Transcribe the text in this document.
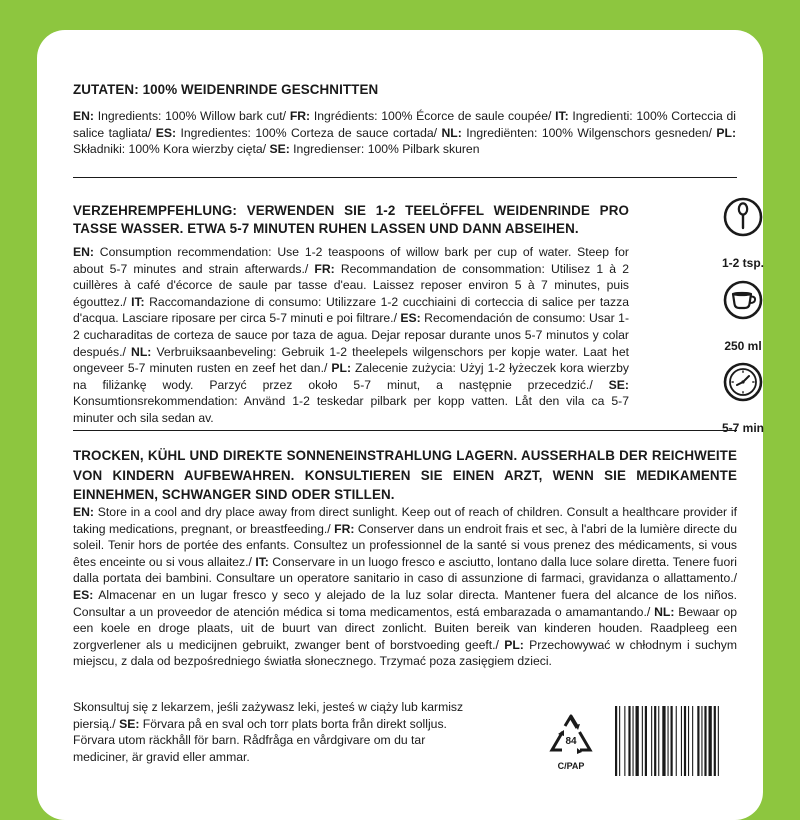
ZUTATEN: 100% WEIDENRINDE GESCHNITTEN

EN: Ingredients: 100% Willow bark cut/ FR: Ingrédients: 100% Écorce de saule coupée/ IT: Ingredienti: 100% Corteccia di salice tagliata/ ES: Ingredientes: 100% Corteza de sauce cortada/ NL: Ingrediënten: 100% Wilgenschors gesneden/ PL: Składniki: 100% Kora wierzby cięta/ SE: Ingredienser: 100% Pilbark skuren

VERZEHREMPFEHLUNG: VERWENDEN SIE 1-2 TEELÖFFEL WEIDENRINDE PRO TASSE WASSER. ETWA 5-7 MINUTEN RUHEN LASSEN UND DANN ABSEIHEN.

EN: Consumption recommendation: Use 1-2 teaspoons of willow bark per cup of water. Steep for about 5-7 minutes and strain afterwards./ FR: Recommandation de consommation: Utilisez 1 à 2 cuillères à café d'écorce de saule par tasse d'eau. Laissez reposer environ 5 à 7 minutes, puis égouttez./ IT: Raccomandazione di consumo: Utilizzare 1-2 cucchiaini di corteccia di salice per tazza d'acqua. Lasciare riposare per circa 5-7 minuti e poi filtrare./ ES: Recomendación de consumo: Usar 1-2 cucharaditas de corteza de sauce por taza de agua. Dejar reposar durante unos 5-7 minutos y colar después./ NL: Verbruiksaanbeveling: Gebruik 1-2 theelepels wilgenschors per kopje water. Laat het ongeveer 5-7 minuten rusten en zeef het dan./ PL: Zalecenie zużycia: Użyj 1-2 łyżeczek kora wierzby na filiżankę wody. Parzyć przez około 5-7 minut, a następnie przecedzić./ SE: Konsumtionsrekommendation: Använd 1-2 teskedar pilbark per kopp vatten. Låt den vila ca 5-7 minuter och sila sedan av.

TROCKEN, KÜHL UND DIREKTE SONNENEINSTRAHLUNG LAGERN. AUSSERHALB DER REICHWEITE VON KINDERN AUFBEWAHREN. KONSULTIEREN SIE EINEN ARZT, WENN SIE MEDIKAMENTE EINNEHMEN, SCHWANGER SIND ODER STILLEN.

EN: Store in a cool and dry place away from direct sunlight. Keep out of reach of children. Consult a healthcare provider if taking medications, pregnant, or breastfeeding./ FR: Conserver dans un endroit frais et sec, à l'abri de la lumière directe du soleil. Tenir hors de portée des enfants. Consultez un professionnel de la santé si vous prenez des médicaments, si vous êtes enceinte ou si vous allaitez./ IT: Conservare in un luogo fresco e asciutto, lontano dalla luce solare diretta. Tenere fuori dalla portata dei bambini. Consultare un operatore sanitario in caso di assunzione di farmaci, gravidanza o allattamento./ ES: Almacenar en un lugar fresco y seco y alejado de la luz solar directa. Mantener fuera del alcance de los niños. Consultar a un proveedor de atención médica si toma medicamentos, está embarazada o amamantando./ NL: Bewaar op een koele en droge plaats, uit de buurt van direct zonlicht. Buiten bereik van kinderen houden. Raadpleeg een zorgverlener als u medicijnen gebruikt, zwanger bent of borstvoeding geeft./ PL: Przechowywać w chłodnym i suchym miejscu, z dala od bezpośredniego światła słonecznego. Trzymać poza zasięgiem dzieci.

Skonsultuj się z lekarzem, jeśli zażywasz leki, jesteś w ciąży lub karmisz piersią./ SE: Förvara på en sval och torr plats borta från direkt solljus. Förvara utom räckhåll för barn. Rådfråga en vårdgivare om du tar mediciner, är gravid eller ammar.

1-2 tsp.
250 ml
5-7 min
84
C/PAP
